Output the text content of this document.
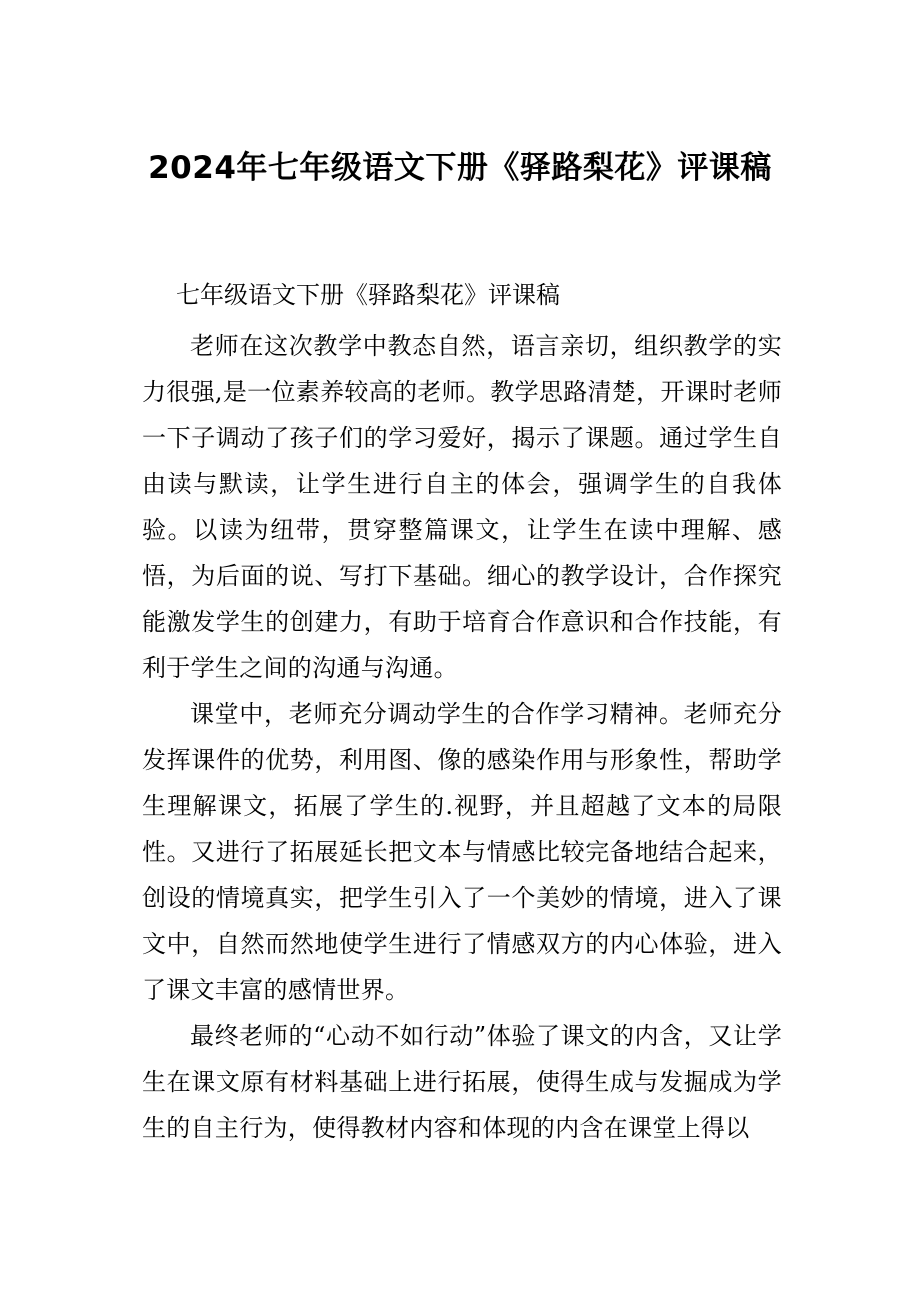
2024年七年级语文下册《驿路梨花》评课稿
七年级语文下册《驿路梨花》评课稿

老师在这次教学中教态自然，语言亲切，组织教学的实力很强,是一位素养较高的老师。教学思路清楚，开课时老师一下子调动了孩子们的学习爱好，揭示了课题。通过学生自由读与默读，让学生进行自主的体会，强调学生的自我体验。以读为纽带，贯穿整篇课文，让学生在读中理解、感悟，为后面的说、写打下基础。细心的教学设计，合作探究能激发学生的创建力，有助于培育合作意识和合作技能，有利于学生之间的沟通与沟通。

课堂中，老师充分调动学生的合作学习精神。老师充分发挥课件的优势，利用图、像的感染作用与形象性，帮助学生理解课文，拓展了学生的.视野，并且超越了文本的局限性。又进行了拓展延长把文本与情感比较完备地结合起来，创设的情境真实，把学生引入了一个美妙的情境，进入了课文中，自然而然地使学生进行了情感双方的内心体验，进入了课文丰富的感情世界。

最终老师的“心动不如行动”体验了课文的内含，又让学生在课文原有材料基础上进行拓展，使得生成与发掘成为学生的自主行为，使得教材内容和体现的内含在课堂上得以
